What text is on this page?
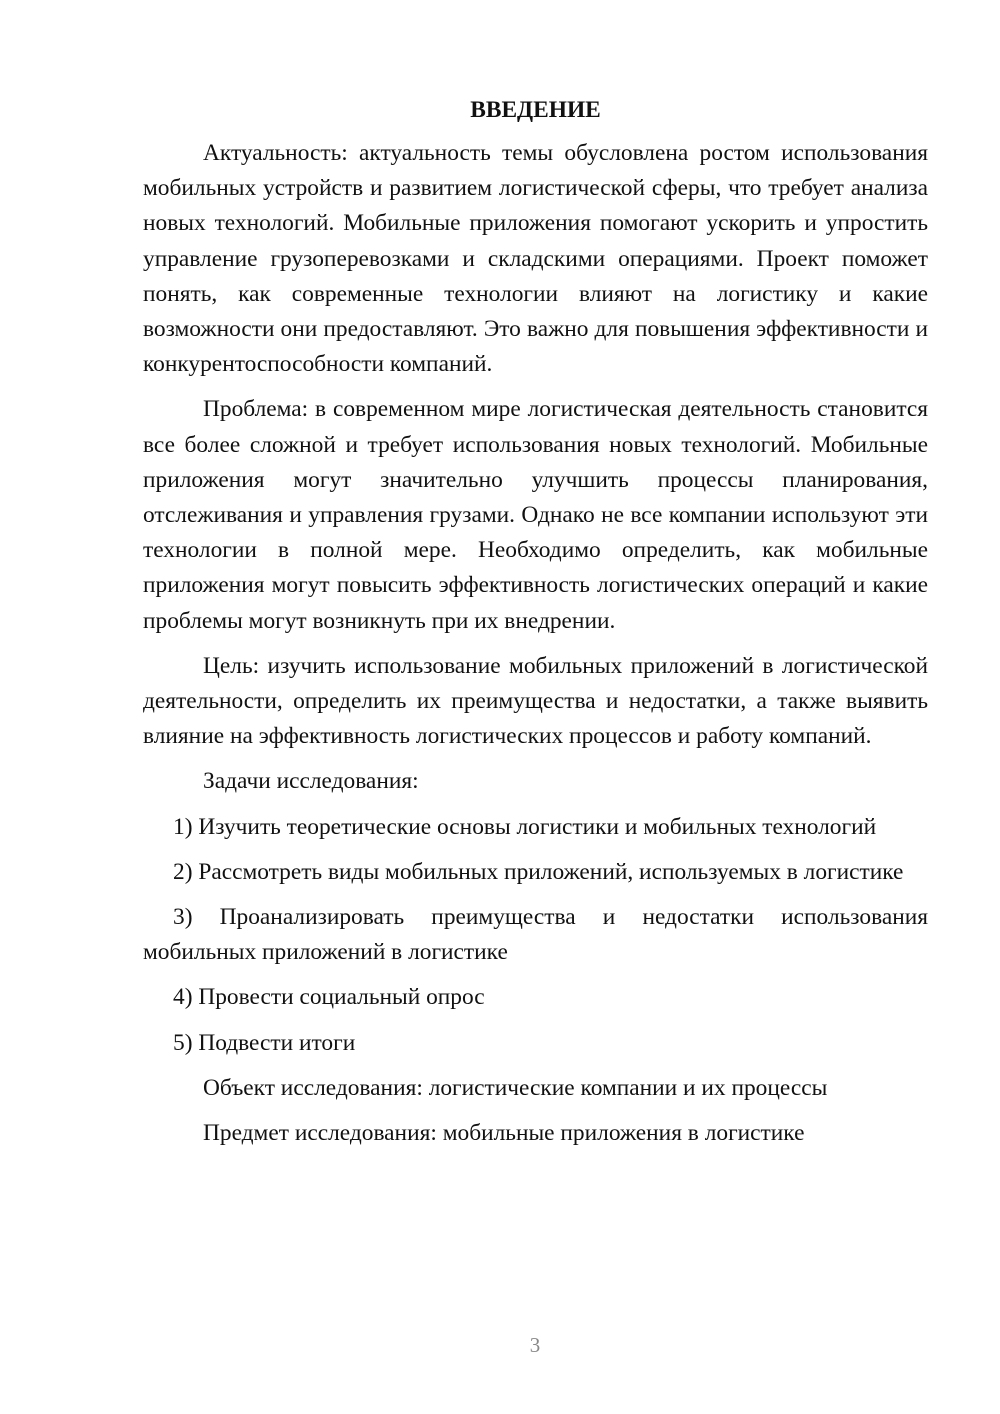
ВВЕДЕНИЕ
Актуальность: актуальность темы обусловлена ростом использования мобильных устройств и развитием логистической сферы, что требует анализа новых технологий. Мобильные приложения помогают ускорить и упростить управление грузоперевозками и складскими операциями. Проект поможет понять, как современные технологии влияют на логистику и какие возможности они предоставляют. Это важно для повышения эффективности и конкурентоспособности компаний.
Проблема: в современном мире логистическая деятельность становится все более сложной и требует использования новых технологий. Мобильные приложения могут значительно улучшить процессы планирования, отслеживания и управления грузами. Однако не все компании используют эти технологии в полной мере. Необходимо определить, как мобильные приложения могут повысить эффективность логистических операций и какие проблемы могут возникнуть при их внедрении.
Цель: изучить использование мобильных приложений в логистической деятельности, определить их преимущества и недостатки, а также выявить влияние на эффективность логистических процессов и работу компаний.
Задачи исследования:
1) Изучить теоретические основы логистики и мобильных технологий
2) Рассмотреть виды мобильных приложений, используемых в логистике
3) Проанализировать преимущества и недостатки использования мобильных приложений в логистике
4) Провести социальный опрос
5) Подвести итоги
Объект исследования: логистические компании и их процессы
Предмет исследования: мобильные приложения в логистике
3
